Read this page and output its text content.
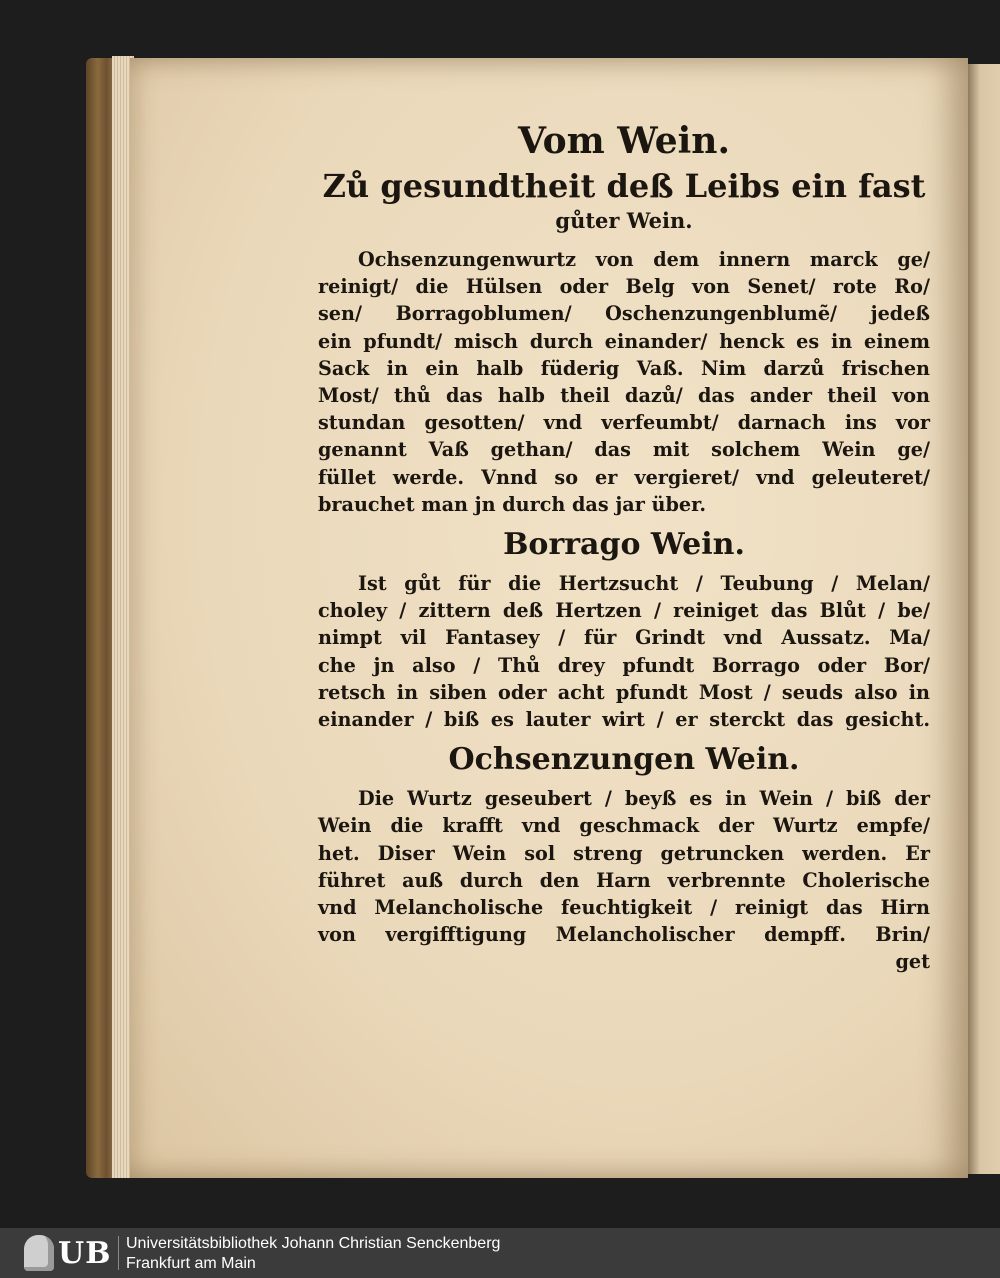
Vom Wein.
Zů gesundtheit deß Leibs ein fast
gůter Wein.
Ochsenzungenwurtz von dem innern marck ge/
reinigt/ die Hülsen oder Belg von Senet/ rote Ro/
sen/ Borragoblumen/ Oschenzungenblumẽ/ jedeß
ein pfundt/ misch durch einander/ henck es in einem
Sack in ein halb füderig Vaß. Nim darzů frischen
Most/ thů das halb theil dazů/ das ander theil von
stundan gesotten/ vnd verfeumbt/ darnach ins vor
genannt Vaß gethan/ das mit solchem Wein ge/
füllet werde. Vnnd so er vergieret/ vnd geleuteret/
brauchet man jn durch das jar über.
Borrago Wein.
Ist gůt für die Hertzsucht / Teubung / Melan/
choley / zittern deß Hertzen / reiniget das Blůt / be/
nimpt vil Fantasey / für Grindt vnd Aussatz. Ma/
che jn also / Thů drey pfundt Borrago oder Bor/
retsch in siben oder acht pfundt Most / seuds also in
einander / biß es lauter wirt / er sterckt das gesicht.
Ochsenzungen Wein.
Die Wurtz geseubert / beyß es in Wein / biß der
Wein die krafft vnd geschmack der Wurtz empfe/
het. Diser Wein sol streng getruncken werden. Er
führet auß durch den Harn verbrennte Cholerische
vnd Melancholische feuchtigkeit / reinigt das Hirn
von vergifftigung Melancholischer dempff. Brin/
get
UB Universitätsbibliothek Johann Christian Senckenberg
Frankfurt am Main
